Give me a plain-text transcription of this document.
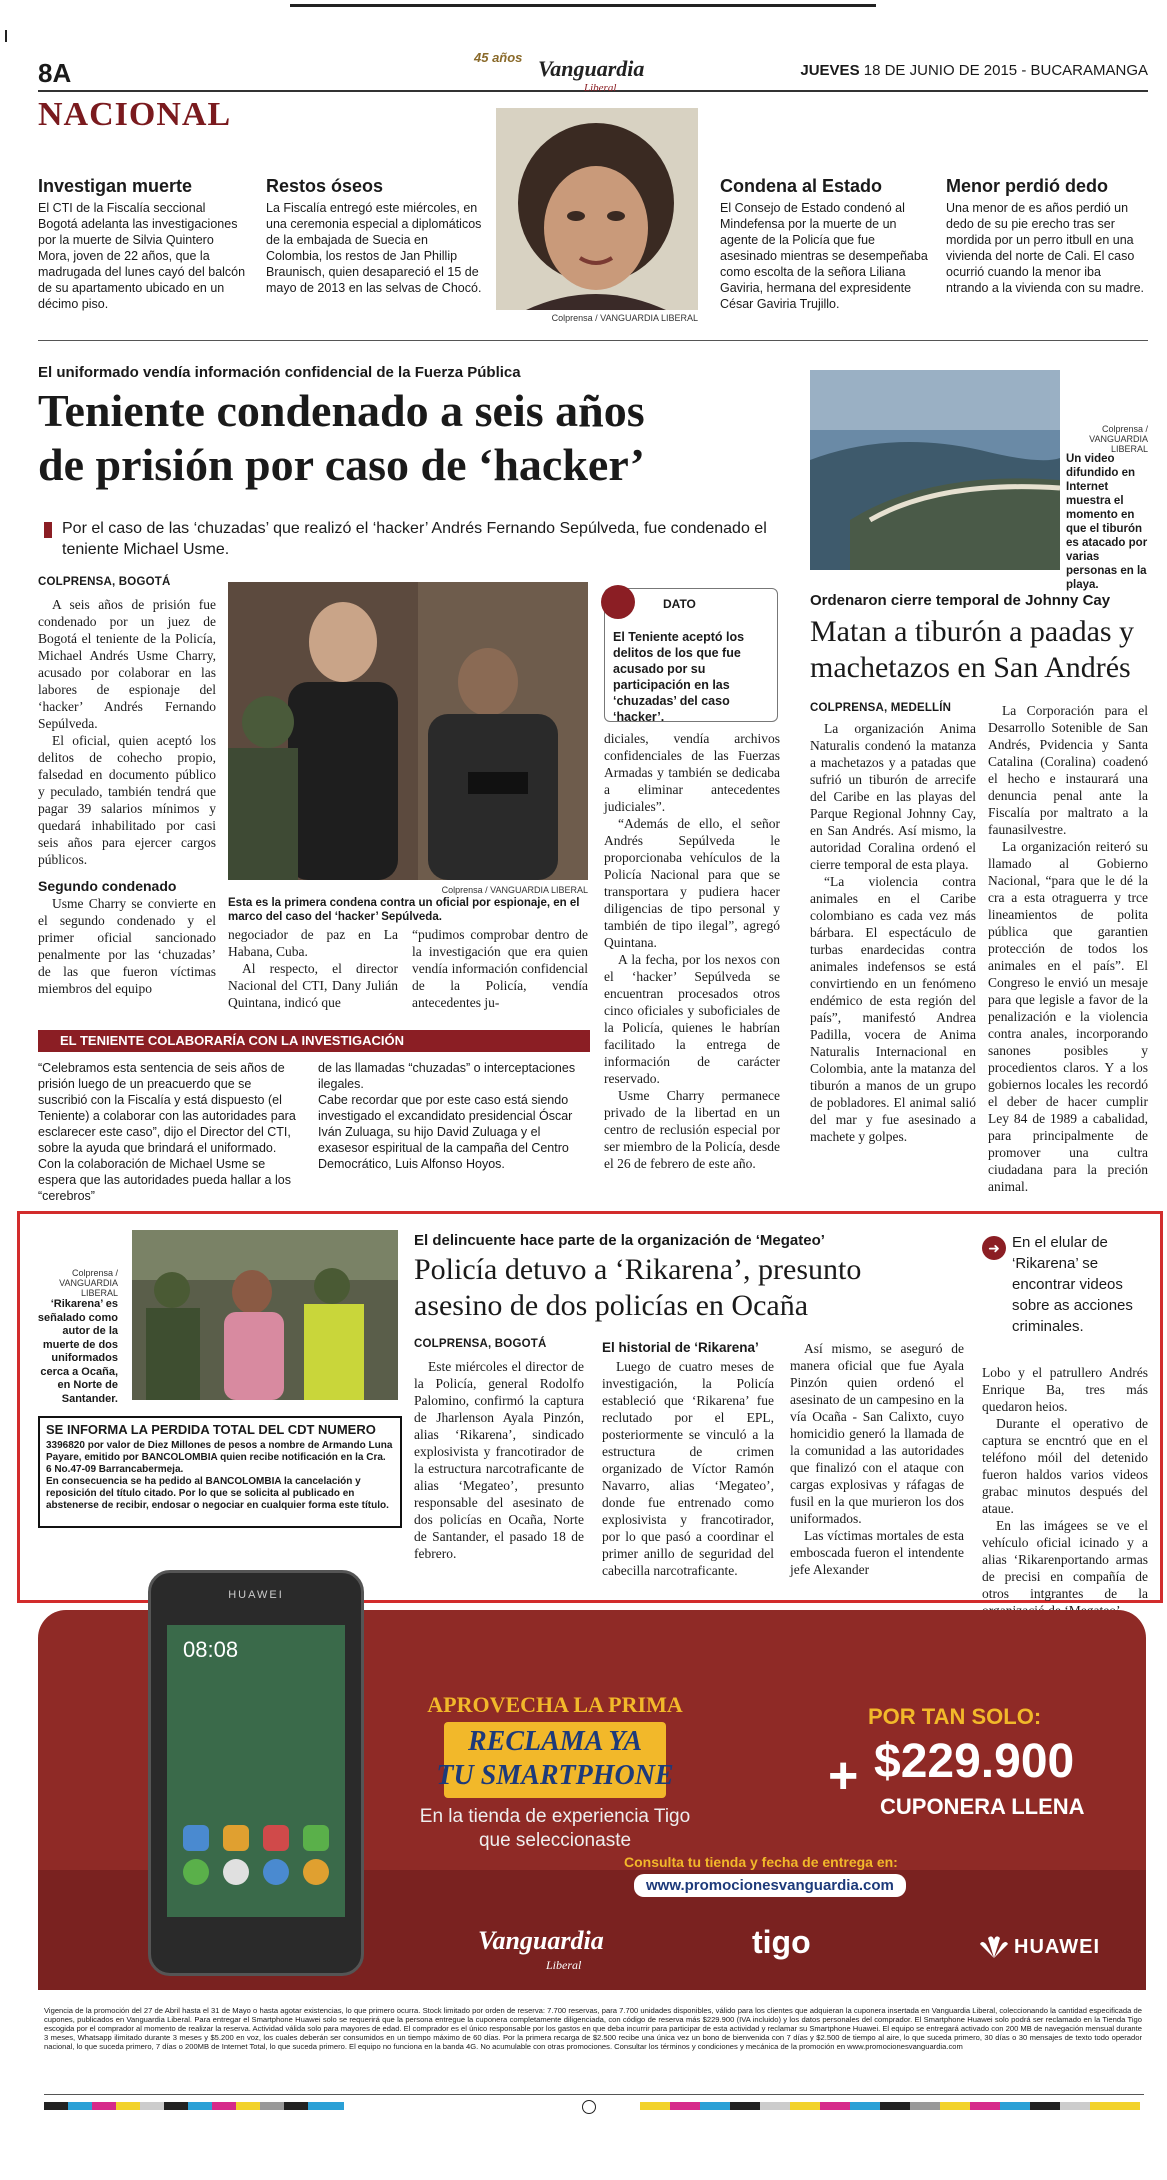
8A
45 años Vanguardia
Liberal
JUEVES 18 DE JUNIO DE 2015 - BUCARAMANGA
NACIONAL
Investigan muerte

El CTI de la Fiscalía seccional Bogotá adelanta las investigaciones por la muerte de Silvia Quintero Mora, joven de 22 años, que la madrugada del lunes cayó del balcón de su apartamento ubicado en un décimo piso.

Restos óseos

La Fiscalía entregó este miércoles, en una ceremonia especial a diplomáticos de la embajada de Suecia en Colombia, los restos de Jan Phillip Braunisch, quien desapareció el 15 de mayo de 2013 en las selvas de Chocó.

Colprensa / VANGUARDIA LIBERAL
Condena al Estado

El Consejo de Estado condenó al Mindefensa por la muerte de un agente de la Policía que fue asesinado mientras se desempeñaba como escolta de la señora Liliana Gaviria, hermana del expresidente César Gaviria Trujillo.

Menor perdió dedo

Una menor de es años perdió un dedo de su pie erecho tras ser mordida por un perro itbull en una vivienda del norte de Cali. El caso ocurrió cuando la menor iba ntrando a la vivienda con su madre.

El uniformado vendía información confidencial de la Fuerza Pública
Teniente condenado a seis años
de prisión por caso de ‘hacker’
Por el caso de las ‘chuzadas’ que realizó el ‘hacker’ Andrés Fernando Sepúlveda, fue condenado el teniente Michael Usme.
COLPRENSA, BOGOTÁ

A seis años de prisión fue condenado por un juez de Bogotá el teniente de la Policía, Michael Andrés Usme Charry, acusado por colaborar en las labores de espionaje del ‘hacker’ Andrés Fernando Sepúlveda.

El oficial, quien aceptó los delitos de cohecho propio, falsedad en documento público y peculado, también tendrá que pagar 39 salarios mínimos y quedará inhabilitado por casi seis años para ejercer cargos públicos.

Segundo condenado

Usme Charry se convierte en el segundo condenado y el primer oficial sancionado penalmente por las ‘chuzadas’ de las que fueron víctimas miembros del equipo

Colprensa / VANGUARDIA LIBERAL
Esta es la primera condena contra un oficial por espionaje, en el marco del caso del ‘hacker’ Sepúlveda.

negociador de paz en La Habana, Cuba.

Al respecto, el director Nacional del CTI, Dany Julián Quintana, indicó que

“pudimos comprobar dentro de la investigación que era quien vendía información confidencial de la Policía, vendía antecedentes ju-

DATO
El Teniente aceptó los delitos de los que fue acusado por su participación en las ‘chuzadas’ del caso ‘hacker’.

diciales, vendía archivos confidenciales de las Fuerzas Armadas y también se dedicaba a eliminar antecedentes judiciales”.

“Además de ello, el señor Andrés Sepúlveda le proporcionaba vehículos de la Policía Nacional para que se transportara y pudiera hacer diligencias de tipo personal y también de tipo ilegal”, agregó Quintana.

A la fecha, por los nexos con el ‘hacker’ Sepúlveda se encuentran procesados otros cinco oficiales y suboficiales de la Policía, quienes le habrían facilitado la entrega de información de carácter reservado.

Usme Charry permanece privado de la libertad en un centro de reclusión especial por ser miembro de la Policía, desde el 26 de febrero de este año.

EL TENIENTE COLABORARÍA CON LA INVESTIGACIÓN
“Celebramos esta sentencia de seis años de prisión luego de un preacuerdo que se suscribió con la Fiscalía y está dispuesto (el Teniente) a colaborar con las autoridades para esclarecer este caso”, dijo el Director del CTI, sobre la ayuda que brindará el uniformado.
Con la colaboración de Michael Usme se espera que las autoridades pueda hallar a los “cerebros”
de las llamadas “chuzadas” o interceptaciones ilegales.
Cabe recordar que por este caso está siendo investigado el excandidato presidencial Óscar Iván Zuluaga, su hijo David Zuluaga y el exasesor espiritual de la campaña del Centro Democrático, Luis Alfonso Hoyos.
Colprensa / VANGUARDIA LIBERAL
Un video difundido en Internet muestra el momento en que el tiburón es atacado por varias personas en la playa.
Ordenaron cierre temporal de Johnny Cay
Matan a tiburón a paadas y
machetazos en San Andrés
COLPRENSA, MEDELLÍN

La organización Anima Naturalis condenó la matanza a machetazos y a patadas que sufrió un tiburón de arrecife del Caribe en las playas del Parque Regional Johnny Cay, en San Andrés. Así mismo, la autoridad Coralina ordenó el cierre temporal de esta playa.

“La violencia contra animales en el Caribe colombiano es cada vez más bárbara. El espectáculo de turbas enardecidas contra animales indefensos se está convirtiendo en un fenómeno endémico de esta región del país”, manifestó Andrea Padilla, vocera de Anima Naturalis Internacional en Colombia, ante la matanza del tiburón a manos de un grupo de pobladores. El animal salió del mar y fue asesinado a machete y golpes.

La Corporación para el Desarrollo Sotenible de San Andrés, Pvidencia y Santa Catalina (Coralina) coadenó el hecho e instaurará una denuncia penal ante la Fiscalía por maltrato a la faunasilvestre.

La organización reiteró su llamado al Gobierno Nacional, “para que le dé la cra a esta otraguerra y trce lineamientos de polita pública que garantien protección de todos los animales en el país”. El Congreso le envió un mesaje para que legisle a favor de la penalización e la violencia contra anales, incorporando sanones posibles y procedientos claros. Y a los gobiernos locales les recordó el deber de hacer cumplir Ley 84 de 1989 a cabalidad, para principalmente de promover una cultra ciudadana para la preción animal.

Colprensa / VANGUARDIA LIBERAL
‘Rikarena’ es señalado como autor de la muerte de dos uniformados cerca a Ocaña, en Norte de Santander.
El delincuente hace parte de la organización de ‘Megateo’
Policía detuvo a ‘Rikarena’, presunto
asesino de dos policías en Ocaña
COLPRENSA, BOGOTÁ

Este miércoles el director de la Policía, general Rodolfo Palomino, confirmó la captura de Jharlenson Ayala Pinzón, alias ‘Rikarena’, sindicado explosivista y francotirador de la estructura narcotraficante de alias ‘Megateo’, presunto responsable del asesinato de dos policías en Ocaña, Norte de Santander, el pasado 18 de febrero.

El historial de ‘Rikarena’

Luego de cuatro meses de investigación, la Policía estableció que ‘Rikarena’ fue reclutado por el EPL, posteriormente se vinculó a la estructura de crimen organizado de Víctor Ramón Navarro, alias ‘Megateo’, donde fue entrenado como explosivista y francotirador, por lo que pasó a coordinar el primer anillo de seguridad del cabecilla narcotraficante.

Así mismo, se aseguró de manera oficial que fue Ayala Pinzón quien ordenó el asesinato de un campesino en la vía Ocaña - San Calixto, cuyo homicidio generó la llamada de la comunidad a las autoridades que finalizó con el ataque con cargas explosivas y ráfagas de fusil en la que murieron los dos uniformados.

Las víctimas mortales de esta emboscada fueron el intendente jefe Alexander

➜ En el elular de ‘Rikarena’ se encontrar videos sobre as acciones criminales.

Lobo y el patrullero Andrés Enrique Ba, tres más quedaron heios.

Durante el operativo de captura se encntró que en el teléfono móil del detenido fueron haldos varios videos grabac minutos después del ataue.

En las imágees se ve el vehículo oficial icinado y a alias ‘Rikarenportando armas de precisi en compañía de otros intgrantes de la

SE INFORMA LA PERDIDA TOTAL DEL CDT NUMERO
3396820 por valor de Diez Millones de pesos a nombre de Armando Luna Payare, emitido por BANCOLOMBIA quien recibe notificación en la Cra. 6 No.47-09 Barrancabermeja.
En consecuencia se ha pedido al BANCOLOMBIA la cancelación y reposición del título citado. Por lo que se solicita al publicado en abstenerse de recibir, endosar o negociar en cualquier forma este título.
HUAWEI
08:08
APROVECHA LA PRIMA
RECLAMA YA
TU SMARTPHONE
En la tienda de experiencia Tigo
que seleccionaste
POR TAN SOLO:
+ $229.900
CUPONERA LLENA
Consulta tu tienda y fecha de entrega en:
www.promocionesvanguardia.com
Vanguardia
Liberal
tigo	HUAWEI
Vigencia de la promoción del 27 de Abril hasta el 31 de Mayo o hasta agotar existencias, lo que primero ocurra. Stock limitado por orden de reserva: 7.700 reservas, para 7.700 unidades disponibles, válido para los clientes que adquieran la cuponera insertada en Vanguardia Liberal, coleccionando la cantidad especificada de cupones, publicados en Vanguardia Liberal. Para entregar el Smartphone Huawei solo se requerirá que la persona entregue la cuponera completamente diligenciada, con código de reserva más $229.900 (IVA incluido) y los datos personales del comprador. El Smartphone Huawei solo podrá ser reclamado en la Tienda Tigo escogida por el comprador al momento de realizar la reserva. Actividad válida solo para mayores de edad. El comprador es el único responsable por los gastos en que deba incurrir para participar de esta actividad y reclamar su Smartphone Huawei. El equipo se entregará activado con 200 MB de navegación mensual durante 3 meses, Whatsapp ilimitado durante 3 meses y $5.200 en voz, los cuales deberán ser consumidos en un tiempo máximo de 60 días. Por la primera recarga de $2.500 recibe una única vez un bono de bienvenida con 7 días y $2.500 de tiempo al aire, lo que suceda primero, 30 días o 30 mensajes de texto todo operador nacional, lo que suceda primero, 7 días o 200MB de Internet Total, lo que suceda primero. El equipo no funciona en la banda 4G. No acumulable con otras promociones. Consultar los términos y condiciones y mecánica de la promoción en www.promocionesvanguardia.com
